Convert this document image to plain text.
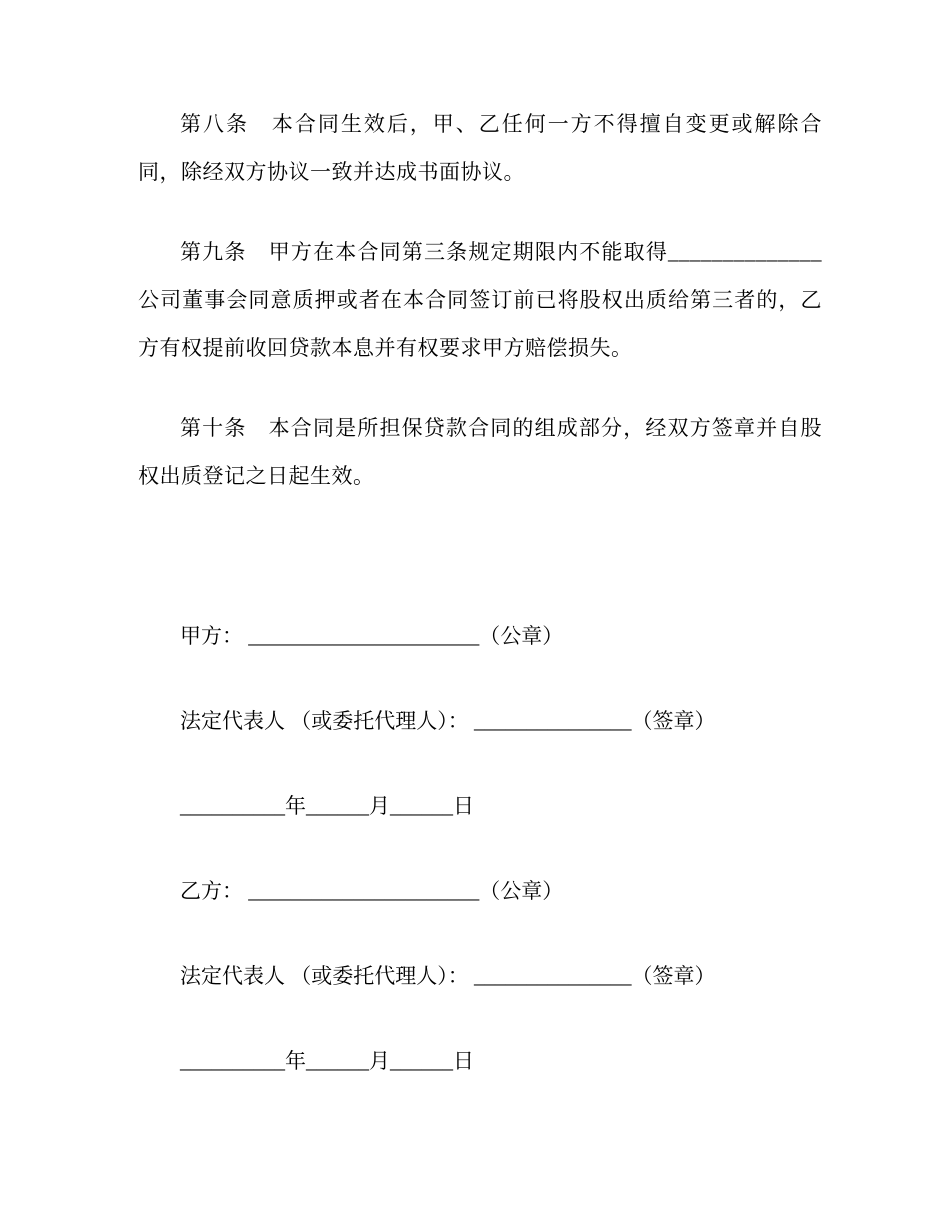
第八条　本合同生效后，甲、乙任何一方不得擅自变更或解除合同，除经双方协议一致并达成书面协议。

第九条　甲方在本合同第三条规定期限内不能取得______________公司董事会同意质押或者在本合同签订前已将股权出质给第三者的，乙方有权提前收回贷款本息并有权要求甲方赔偿损失。

第十条　本合同是所担保贷款合同的组成部分，经双方签章并自股权出质登记之日起生效。

甲方： ______________________（公章）
法定代表人 （或委托代理人）： _______________（签章）
__________年______月______日
乙方： ______________________（公章）
法定代表人 （或委托代理人）： _______________（签章）
__________年______月______日
